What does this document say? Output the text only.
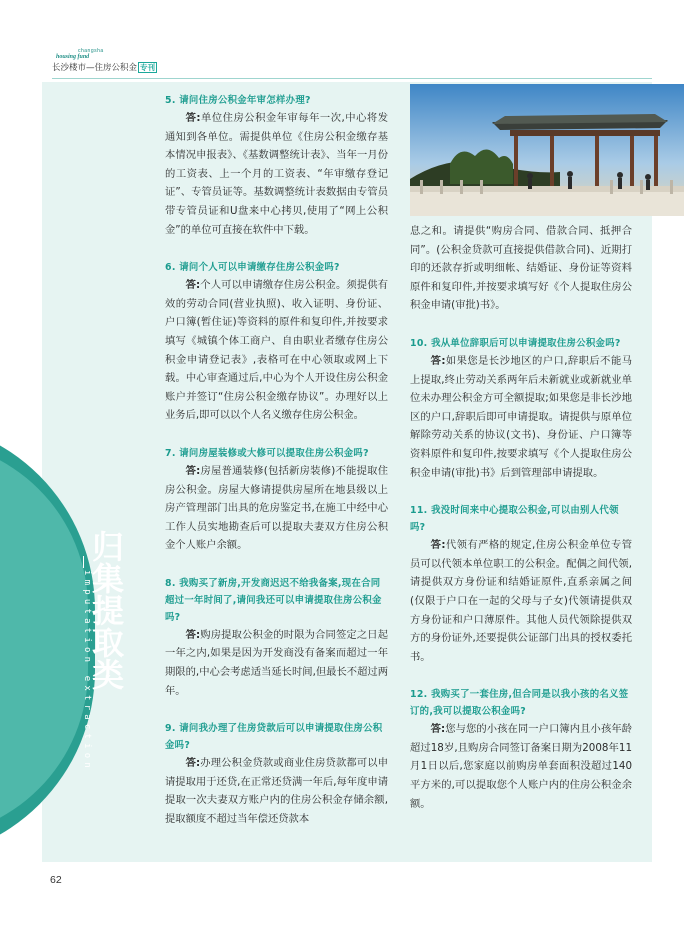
changsha
housing fund
长沙楼市—住房公积金 专刊

5. 请问住房公积金年审怎样办理?

答:单位住房公积金年审每年一次,中心将发通知到各单位。需提供单位《住房公积金缴存基本情况申报表》、《基数调整统计表》、当年一月份的工资表、上一个月的工资表、“年审缴存登记证”、专管员证等。基数调整统计表数据由专管员带专管员证和U盘来中心拷贝,使用了“网上公积金”的单位可直接在软件中下载。

6. 请问个人可以申请缴存住房公积金吗?

答:个人可以申请缴存住房公积金。须提供有效的劳动合同(营业执照)、收入证明、身份证、户口簿(暂住证)等资料的原件和复印件,并按要求填写《城镇个体工商户、自由职业者缴存住房公积金申请登记表》,表格可在中心领取或网上下载。中心审查通过后,中心为个人开设住房公积金账户并签订“住房公积金缴存协议”。办理好以上业务后,即可以以个人名义缴存住房公积金。

7. 请问房屋装修或大修可以提取住房公积金吗?

答:房屋普通装修(包括新房装修)不能提取住房公积金。房屋大修请提供房屋所在地县级以上房产管理部门出具的危房鉴定书,在施工中经中心工作人员实地勘查后可以提取夫妻双方住房公积金个人账户余额。

8. 我购买了新房,开发商迟迟不给我备案,现在合同超过一年时间了,请问我还可以申请提取住房公积金吗?

答:购房提取公积金的时限为合同签定之日起一年之内,如果是因为开发商没有备案而超过一年期限的,中心会考虑适当延长时间,但最长不超过两年。

9. 请问我办理了住房贷款后可以申请提取住房公积金吗?

答:办理公积金贷款或商业住房贷款都可以申请提取用于还贷,在正常还贷满一年后,每年度申请提取一次夫妻双方账户内的住房公积金存储余额,提取额度不超过当年偿还贷款本

息之和。请提供“购房合同、借款合同、抵押合同”。(公积金贷款可直接提供借款合同)、近期打印的还款存折或明细帐、结婚证、身份证等资料原件和复印件,并按要求填写好《个人提取住房公积金申请(审批)书》。

10. 我从单位辞职后可以申请提取住房公积金吗?

答:如果您是长沙地区的户口,辞职后不能马上提取,终止劳动关系两年后未新就业或新就业单位未办理公积金方可全额提取;如果您是非长沙地区的户口,辞职后即可申请提取。请提供与原单位解除劳动关系的协议(文书)、身份证、户口簿等资料原件和复印件,按要求填写《个人提取住房公积金申请(审批)书》后到管理部申请提取。

11. 我没时间来中心提取公积金,可以由别人代领吗?

答:代领有严格的规定,住房公积金单位专管员可以代领本单位职工的公积金。配偶之间代领,请提供双方身份证和结婚证原件,直系亲属之间(仅限于户口在一起的父母与子女)代领请提供双方身份证和户口薄原件。其他人员代领除提供双方的身份证外,还要提供公证部门出具的授权委托书。

12. 我购买了一套住房,但合同是以我小孩的名义签订的,我可以提取公积金吗?

答:您与您的小孩在同一户口簿内且小孩年龄超过18岁,且购房合同签订备案日期为2008年11月1日以后,您家庭以前购房单套面积没超过140平方米的,可以提取您个人账户内的住房公积金余额。

归集提取类
imputation extraction
62
